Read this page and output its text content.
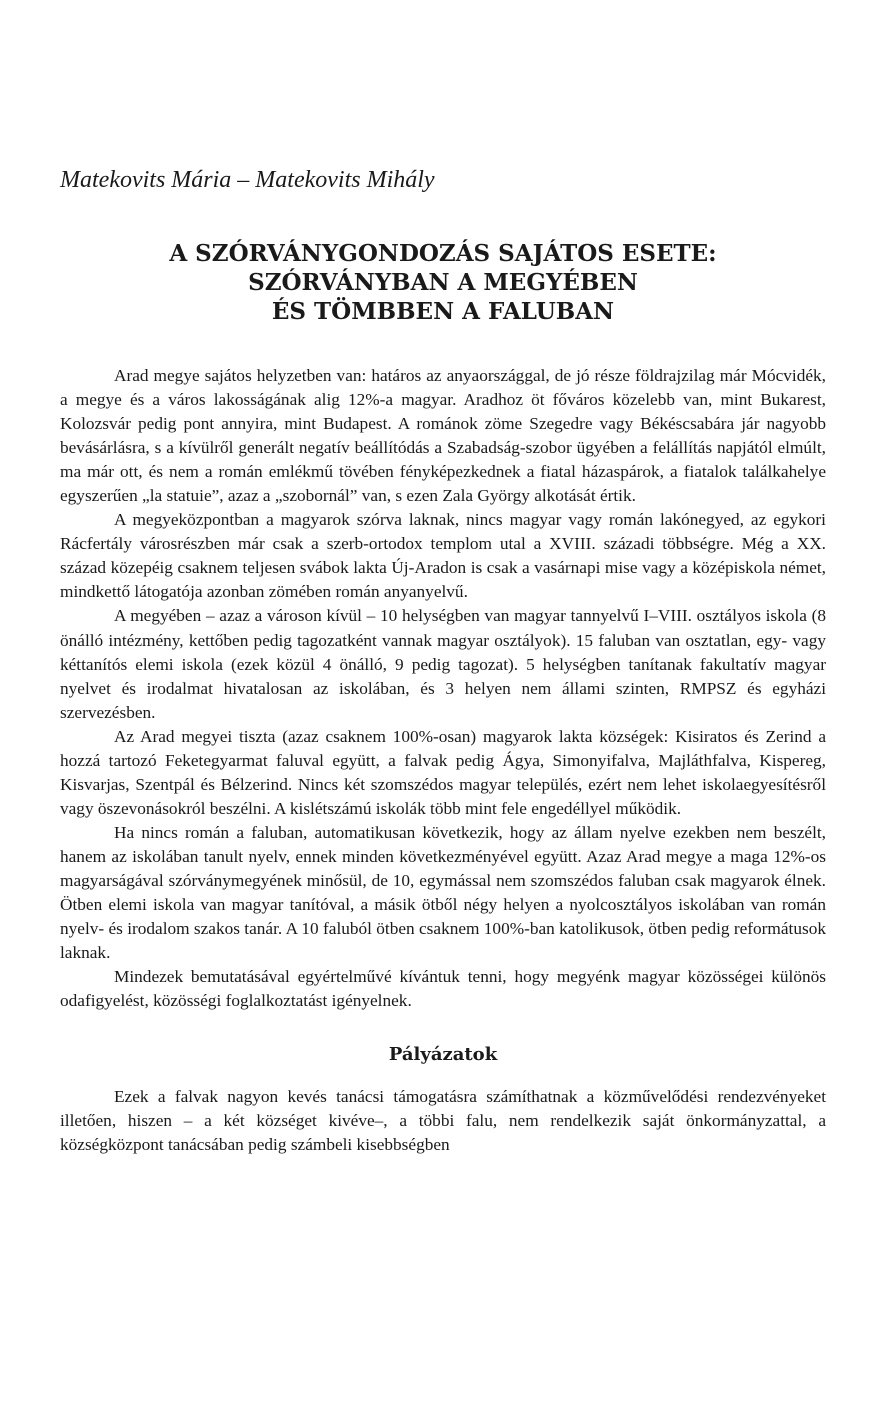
Matekovits Mária – Matekovits Mihály

A SZÓRVÁNYGONDOZÁS SAJÁTOS ESETE:
SZÓRVÁNYBAN A MEGYÉBEN
ÉS TÖMBBEN A FALUBAN

Arad megye sajátos helyzetben van: határos az anyaországgal, de jó része földrajzilag már Mócvidék, a megye és a város lakosságának alig 12%-a magyar. Aradhoz öt főváros közelebb van, mint Bukarest, Kolozsvár pedig pont annyira, mint Budapest. A románok zöme Szegedre vagy Békéscsabára jár nagyobb bevásárlásra, s a kívülről generált negatív beállítódás a Szabadság-szobor ügyében a felállítás napjától elmúlt, ma már ott, és nem a román emlékmű tövében fényképezkednek a fiatal házaspárok, a fiatalok találkahelye egyszerűen „la statuie”, azaz a „szobornál” van, s ezen Zala György alkotását értik.

A megyeközpontban a magyarok szórva laknak, nincs magyar vagy román lakónegyed, az egykori Rácfertály városrészben már csak a szerb-ortodox templom utal a XVIII. századi többségre. Még a XX. század közepéig csaknem teljesen svábok lakta Új-Aradon is csak a vasárnapi mise vagy a középiskola német, mindkettő látogatója azonban zömében román anyanyelvű.

A megyében – azaz a városon kívül – 10 helységben van magyar tannyelvű I–VIII. osztályos iskola (8 önálló intézmény, kettőben pedig tagozatként vannak magyar osztályok). 15 faluban van osztatlan, egy- vagy kéttanítós elemi iskola (ezek közül 4 önálló, 9 pedig tagozat). 5 helységben tanítanak fakultatív magyar nyelvet és irodalmat hivatalosan az iskolában, és 3 helyen nem állami szinten, RMPSZ és egyházi szervezésben.

Az Arad megyei tiszta (azaz csaknem 100%-osan) magyarok lakta községek: Kisiratos és Zerind a hozzá tartozó Feketegyarmat faluval együtt, a falvak pedig Ágya, Simonyifalva, Majláthfalva, Kispereg, Kisvarjas, Szentpál és Bélzerind. Nincs két szomszédos magyar település, ezért nem lehet iskolaegyesítésről vagy öszevonásokról beszélni. A kislétszámú iskolák több mint fele engedéllyel működik.

Ha nincs román a faluban, automatikusan következik, hogy az állam nyelve ezekben nem beszélt, hanem az iskolában tanult nyelv, ennek minden következményével együtt. Azaz Arad megye a maga 12%-os magyarságával szórványmegyének minősül, de 10, egymással nem szomszédos faluban csak magyarok élnek. Ötben elemi iskola van magyar tanítóval, a másik ötből négy helyen a nyolcosztályos iskolában van román nyelv- és irodalom szakos tanár. A 10 faluból ötben csaknem 100%-ban katolikusok, ötben pedig reformátusok laknak.

Mindezek bemutatásával egyértelművé kívántuk tenni, hogy megyénk magyar közösségei különös odafigyelést, közösségi foglalkoztatást igényelnek.

Pályázatok

Ezek a falvak nagyon kevés tanácsi támogatásra számíthatnak a közművelődési rendezvényeket illetően, hiszen – a két községet kivéve–, a többi falu, nem rendelkezik saját önkormányzattal, a községközpont tanácsában pedig számbeli kisebbségben
